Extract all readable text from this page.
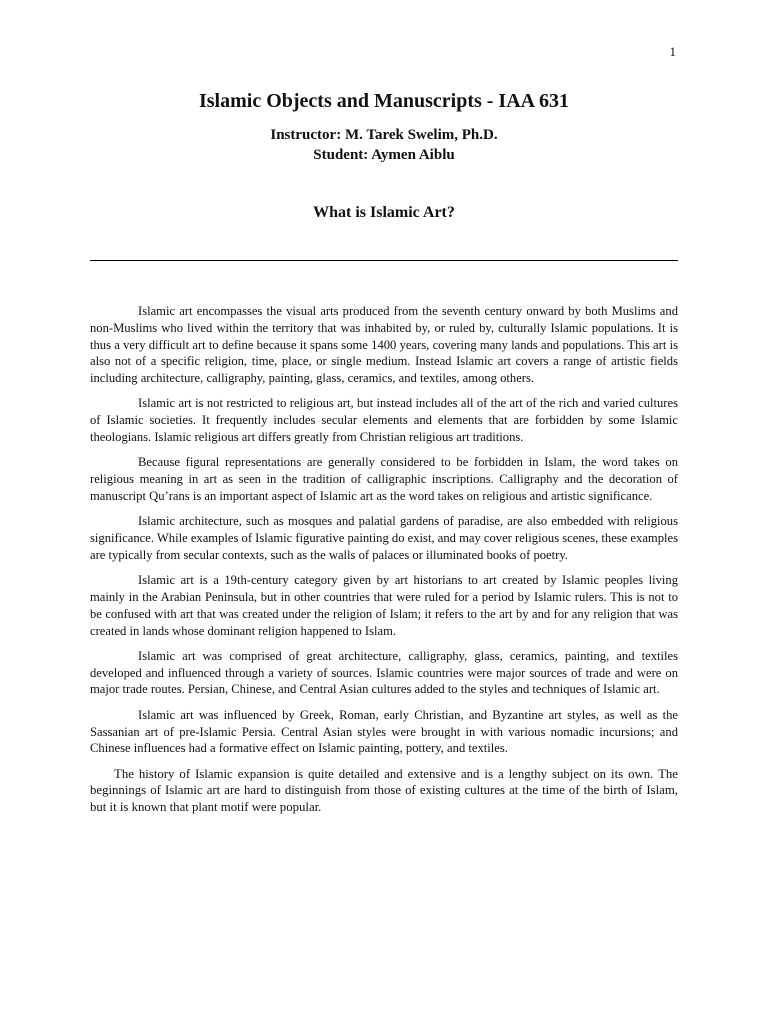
1
Islamic Objects and Manuscripts - IAA 631
Instructor: M. Tarek Swelim, Ph.D.
Student: Aymen Aiblu
What is Islamic Art?

Islamic art encompasses the visual arts produced from the seventh century onward by both Muslims and non-Muslims who lived within the territory that was inhabited by, or ruled by, culturally Islamic populations. It is thus a very difficult art to define because it spans some 1400 years, covering many lands and populations. This art is also not of a specific religion, time, place, or single medium. Instead Islamic art covers a range of artistic fields including architecture, calligraphy, painting, glass, ceramics, and textiles, among others.

Islamic art is not restricted to religious art, but instead includes all of the art of the rich and varied cultures of Islamic societies. It frequently includes secular elements and elements that are forbidden by some Islamic theologians. Islamic religious art differs greatly from Christian religious art traditions.

Because figural representations are generally considered to be forbidden in Islam, the word takes on religious meaning in art as seen in the tradition of calligraphic inscriptions. Calligraphy and the decoration of manuscript Qu’rans is an important aspect of Islamic art as the word takes on religious and artistic significance.

Islamic architecture, such as mosques and palatial gardens of paradise, are also embedded with religious significance. While examples of Islamic figurative painting do exist, and may cover religious scenes, these examples are typically from secular contexts, such as the walls of palaces or illuminated books of poetry.

Islamic art is a 19th-century category given by art historians to art created by Islamic peoples living mainly in the Arabian Peninsula, but in other countries that were ruled for a period by Islamic rulers. This is not to be confused with art that was created under the religion of Islam; it refers to the art by and for any religion that was created in lands whose dominant religion happened to Islam.

Islamic art was comprised of great architecture, calligraphy, glass, ceramics, painting, and textiles developed and influenced through a variety of sources. Islamic countries were major sources of trade and were on major trade routes. Persian, Chinese, and Central Asian cultures added to the styles and techniques of Islamic art.

Islamic art was influenced by Greek, Roman, early Christian, and Byzantine art styles, as well as the Sassanian art of pre-Islamic Persia. Central Asian styles were brought in with various nomadic incursions; and Chinese influences had a formative effect on Islamic painting, pottery, and textiles.

The history of Islamic expansion is quite detailed and extensive and is a lengthy subject on its own. The beginnings of Islamic art are hard to distinguish from those of existing cultures at the time of the birth of Islam, but it is known that plant motif were popular.
